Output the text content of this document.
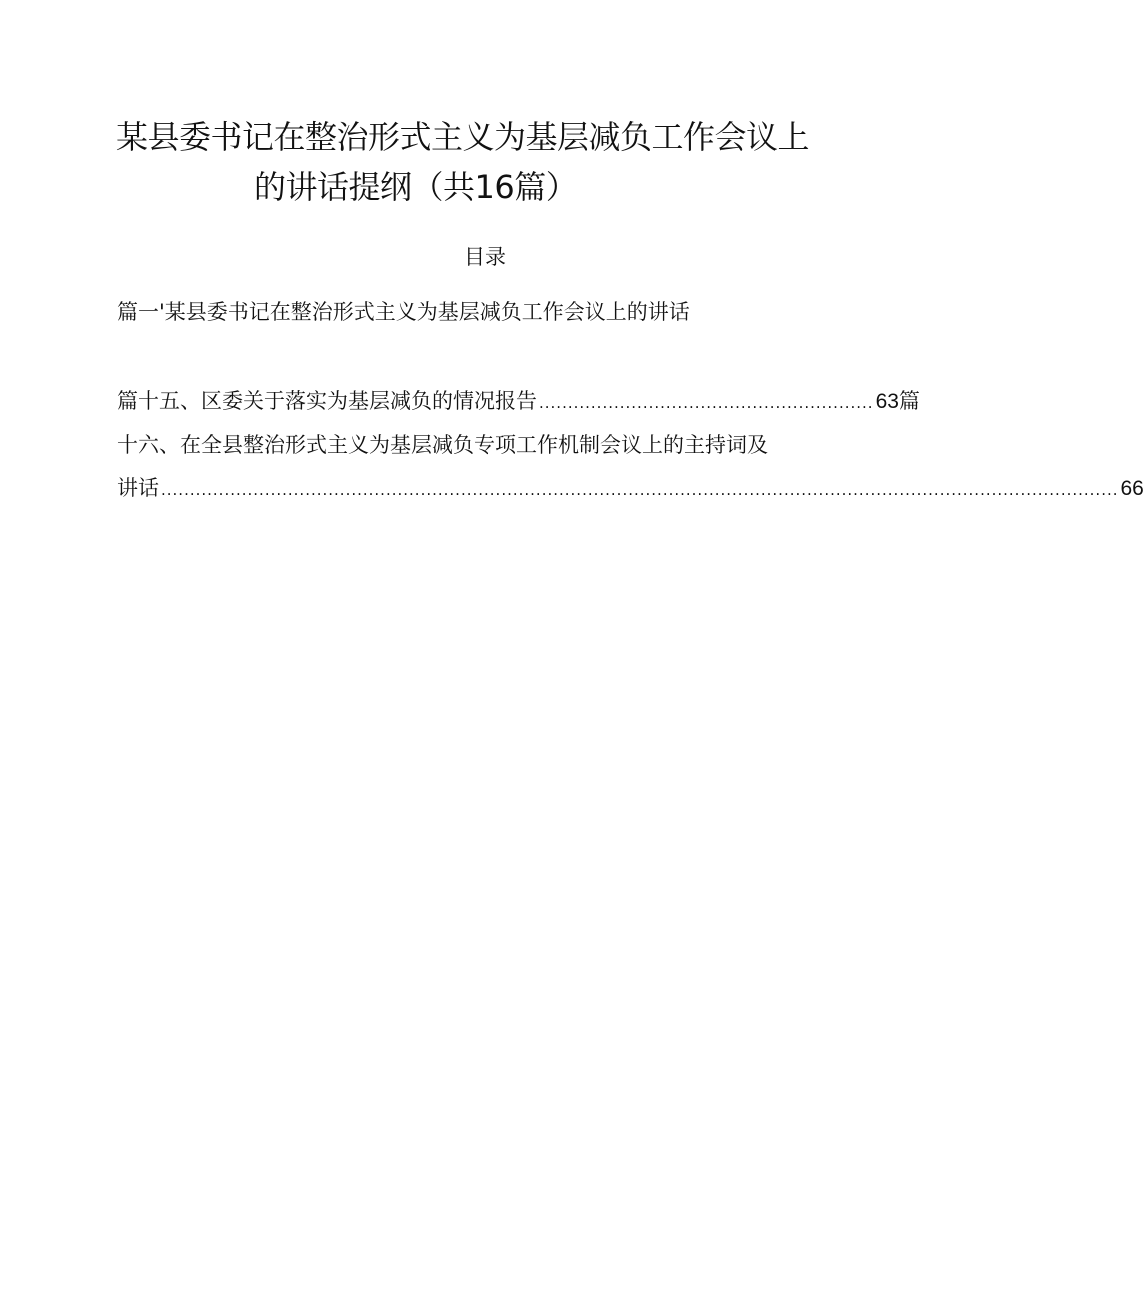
某县委书记在整治形式主义为基层减负工作会议上
的讲话提纲（共16篇）
目录
篇一'某县委书记在整治形式主义为基层减负工作会议上的讲话
篇十五、区委关于落实为基层减负的情况报告 .......................................................... 63篇
十六、在全县整治形式主义为基层减负专项工作机制会议上的主持词及
讲话 ...................................................................................................................................................................... 66
